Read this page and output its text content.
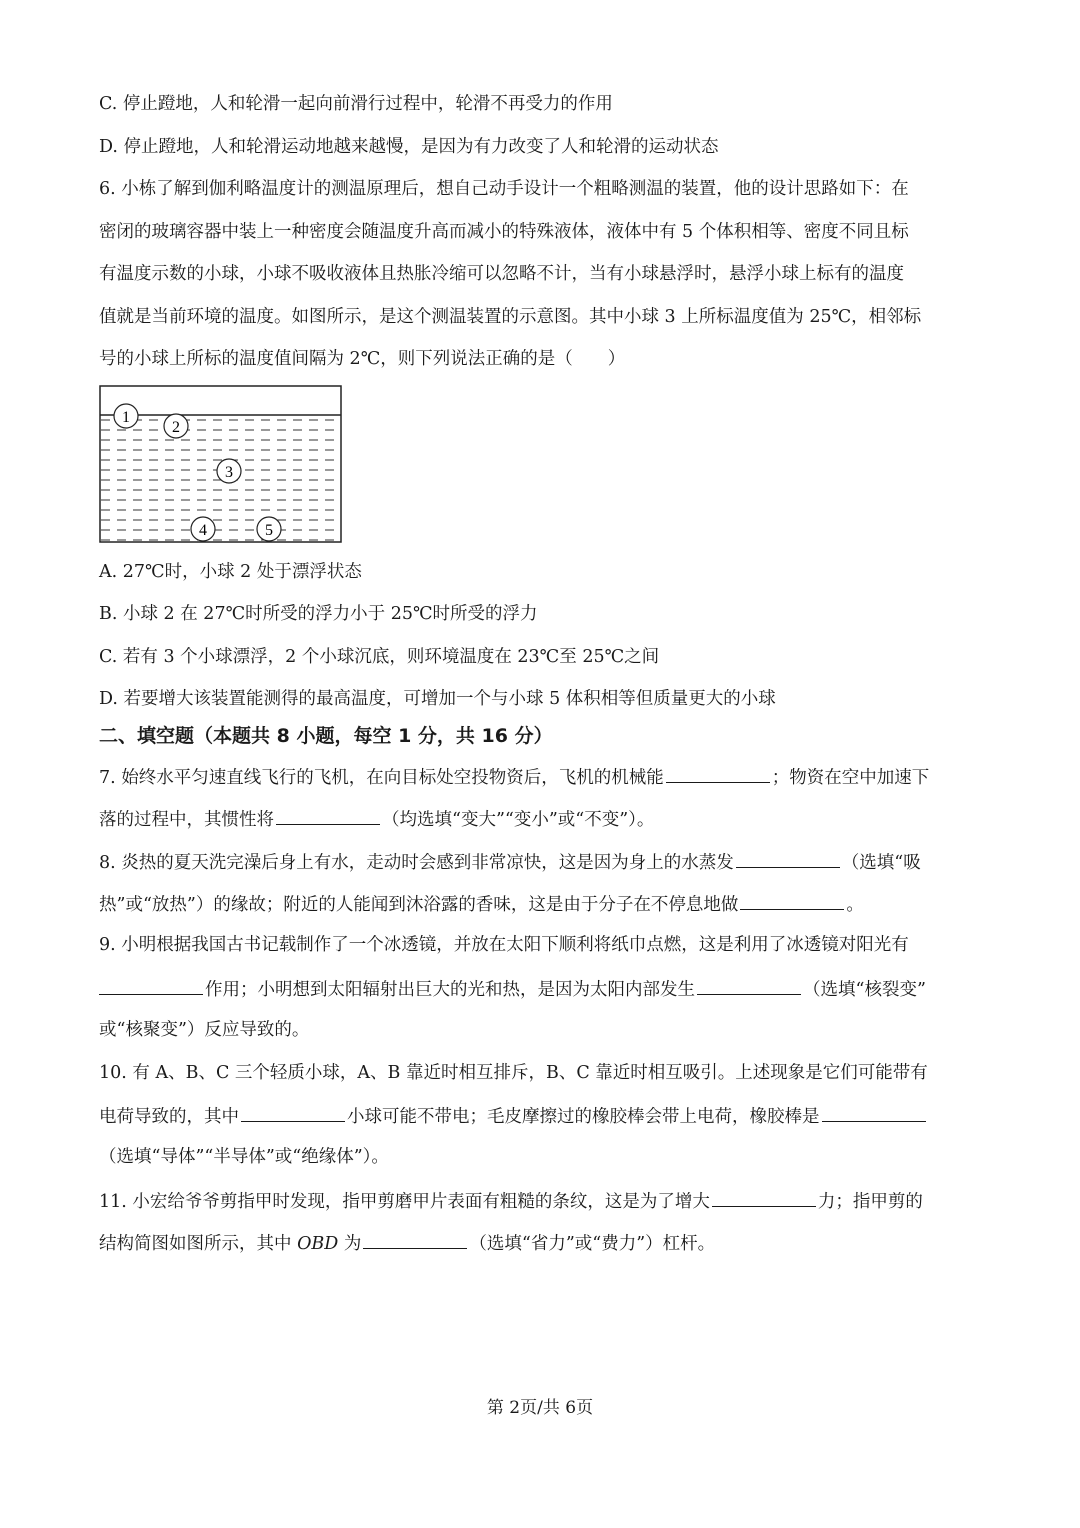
C. 停止蹬地，人和轮滑一起向前滑行过程中，轮滑不再受力的作用
D. 停止蹬地，人和轮滑运动地越来越慢，是因为有力改变了人和轮滑的运动状态
6. 小栋了解到伽利略温度计的测温原理后，想自己动手设计一个粗略测温的装置，他的设计思路如下：在
密闭的玻璃容器中装上一种密度会随温度升高而减小的特殊液体，液体中有 5 个体积相等、密度不同且标
有温度示数的小球，小球不吸收液体且热胀冷缩可以忽略不计，当有小球悬浮时，悬浮小球上标有的温度
值就是当前环境的温度。如图所示，是这个测温装置的示意图。其中小球 3 上所标温度值为 25℃，相邻标
号的小球上所标的温度值间隔为 2℃，则下列说法正确的是（　　）
1
2
3
4	5
A. 27℃时，小球 2 处于漂浮状态
B. 小球 2 在 27℃时所受的浮力小于 25℃时所受的浮力
C. 若有 3 个小球漂浮，2 个小球沉底，则环境温度在 23℃至 25℃之间
D. 若要增大该装置能测得的最高温度，可增加一个与小球 5 体积相等但质量更大的小球
二、填空题（本题共 8 小题，每空 1 分，共 16 分）
7. 始终水平匀速直线飞行的飞机，在向目标处空投物资后，飞机的机械能	；物资在空中加速下
落的过程中，其惯性将	（均选填“变大”“变小”或“不变”）。
8. 炎热的夏天洗完澡后身上有水，走动时会感到非常凉快，这是因为身上的水蒸发	（选填“吸
热”或“放热”）的缘故；附近的人能闻到沐浴露的香味，这是由于分子在不停息地做	。
9. 小明根据我国古书记载制作了一个冰透镜，并放在太阳下顺利将纸巾点燃，这是利用了冰透镜对阳光有
作用；小明想到太阳辐射出巨大的光和热，是因为太阳内部发生	（选填“核裂变”
或“核聚变”）反应导致的。
10. 有 A、B、C 三个轻质小球，A、B 靠近时相互排斥，B、C 靠近时相互吸引。上述现象是它们可能带有
电荷导致的，其中	小球可能不带电；毛皮摩擦过的橡胶棒会带上电荷，橡胶棒是
（选填“导体”“半导体”或“绝缘体”）。
11. 小宏给爷爷剪指甲时发现，指甲剪磨甲片表面有粗糙的条纹，这是为了增大	力；指甲剪的
结构简图如图所示，其中 OBD 为	（选填“省力”或“费力”）杠杆。
第 2页/共 6页
